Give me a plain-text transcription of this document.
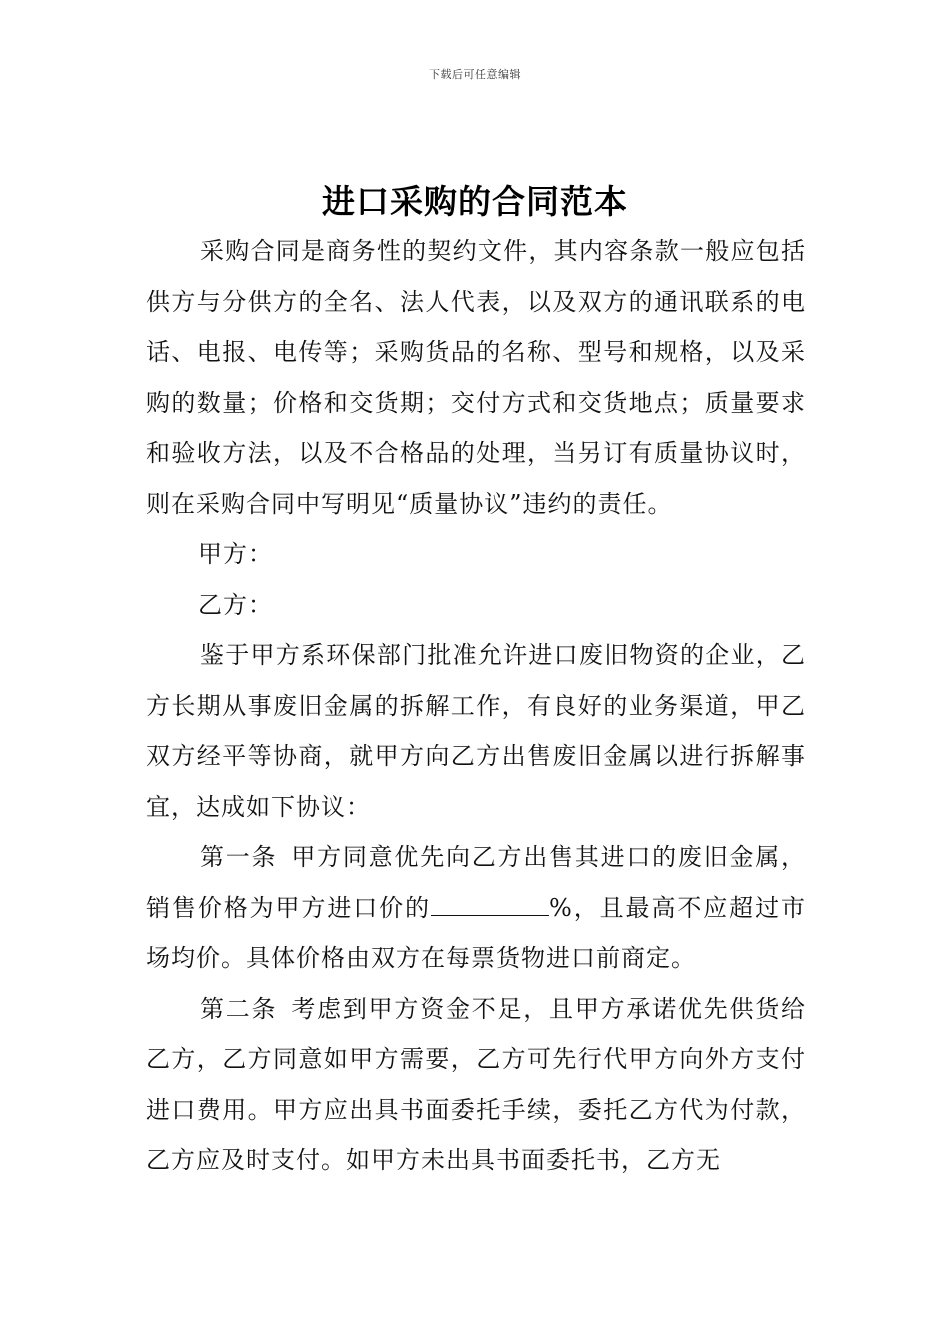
下载后可任意编辑
进口采购的合同范本

采购合同是商务性的契约文件，其内容条款一般应包括供方与分供方的全名、法人代表，以及双方的通讯联系的电话、电报、电传等；采购货品的名称、型号和规格，以及采购的数量；价格和交货期；交付方式和交货地点；质量要求和验收方法，以及不合格品的处理，当另订有质量协议时，则在采购合同中写明见“质量协议”违约的责任。

甲方：

乙方：

鉴于甲方系环保部门批准允许进口废旧物资的企业，乙方长期从事废旧金属的拆解工作，有良好的业务渠道，甲乙双方经平等协商，就甲方向乙方出售废旧金属以进行拆解事宜，达成如下协议：

第一条 甲方同意优先向乙方出售其进口的废旧金属，销售价格为甲方进口价的	%，且最高不应超过市场均价。具体价格由双方在每票货物进口前商定。

第二条 考虑到甲方资金不足，且甲方承诺优先供货给乙方，乙方同意如甲方需要，乙方可先行代甲方向外方支付进口费用。甲方应出具书面委托手续，委托乙方代为付款，乙方应及时支付。如甲方未出具书面委托书，乙方无
